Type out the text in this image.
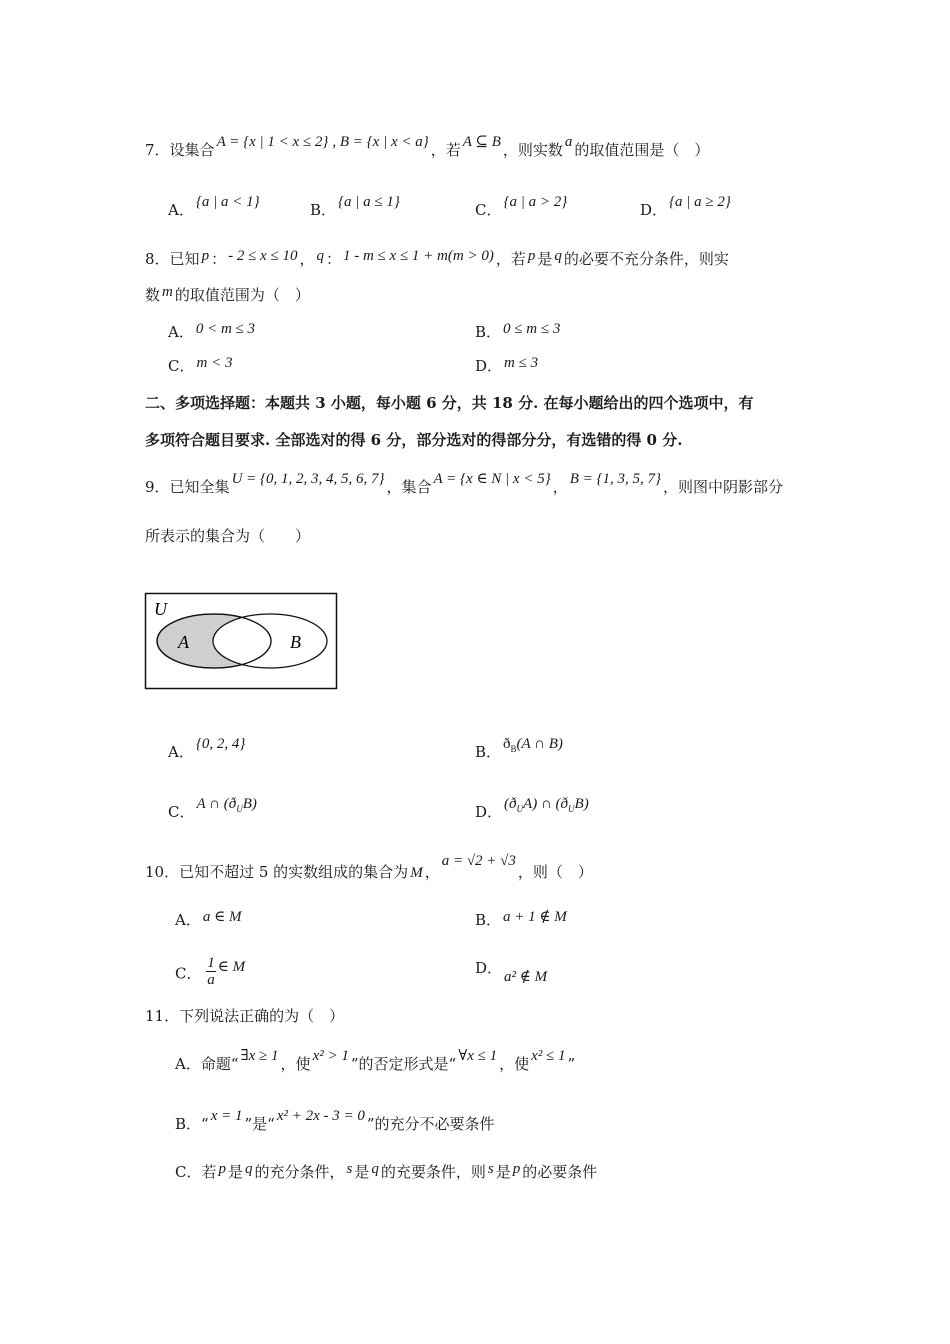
7．设集合 A = {x | 1 < x ≤ 2} , B = {x | x < a} ，若 A ⊆ B ，则实数 a 的取值范围是（　）
A． {a | a < 1}	B． {a | a ≤ 1}	C． {a | a > 2}	D． {a | a ≥ 2}
8．已知 p ： - 2 ≤ x ≤ 10 ， q ： 1 - m ≤ x ≤ 1 + m(m > 0) ，若 p 是 q 的必要不充分条件，则实
数 m 的取值范围为（　）
A． 0 < m ≤ 3	B． 0 ≤ m ≤ 3
C． m < 3	D． m ≤ 3
二、多项选择题：本题共 3 小题，每小题 6 分，共 18 分. 在每小题给出的四个选项中，有
多项符合题目要求. 全部选对的得 6 分，部分选对的得部分分，有选错的得 0 分.
9．已知全集 U = {0, 1, 2, 3, 4, 5, 6, 7} ，集合 A = {x ∈ N | x < 5} ， B = {1, 3, 5, 7} ，则图中阴影部分
所表示的集合为（　　）
U
A	B
A． {0, 2, 4}	B． $ð_B(A$ ∩ B)
C． A ∩ $(ð_UB)$	D． $(ð_UA)$ ∩ $(ð_UB)$
10．已知不超过 5 的实数组成的集合为 M ，a = √2 + √3，则（　）
A． a ∈ M	B． a + 1 ∉ M
C． $\frac{1}{a}$ ∈ M	D． a² ∉ M
11．下列说法正确的为（　）
A．命题“ ∃x ≥ 1 ，使 x² > 1 ”的否定形式是“ ∀x ≤ 1 ，使 x² ≤ 1 ”
B．“ x = 1 ”是“ x² + 2x - 3 = 0 ”的充分不必要条件
C．若 p 是 q 的充分条件， s 是 q 的充要条件，则 s 是 p 的必要条件
